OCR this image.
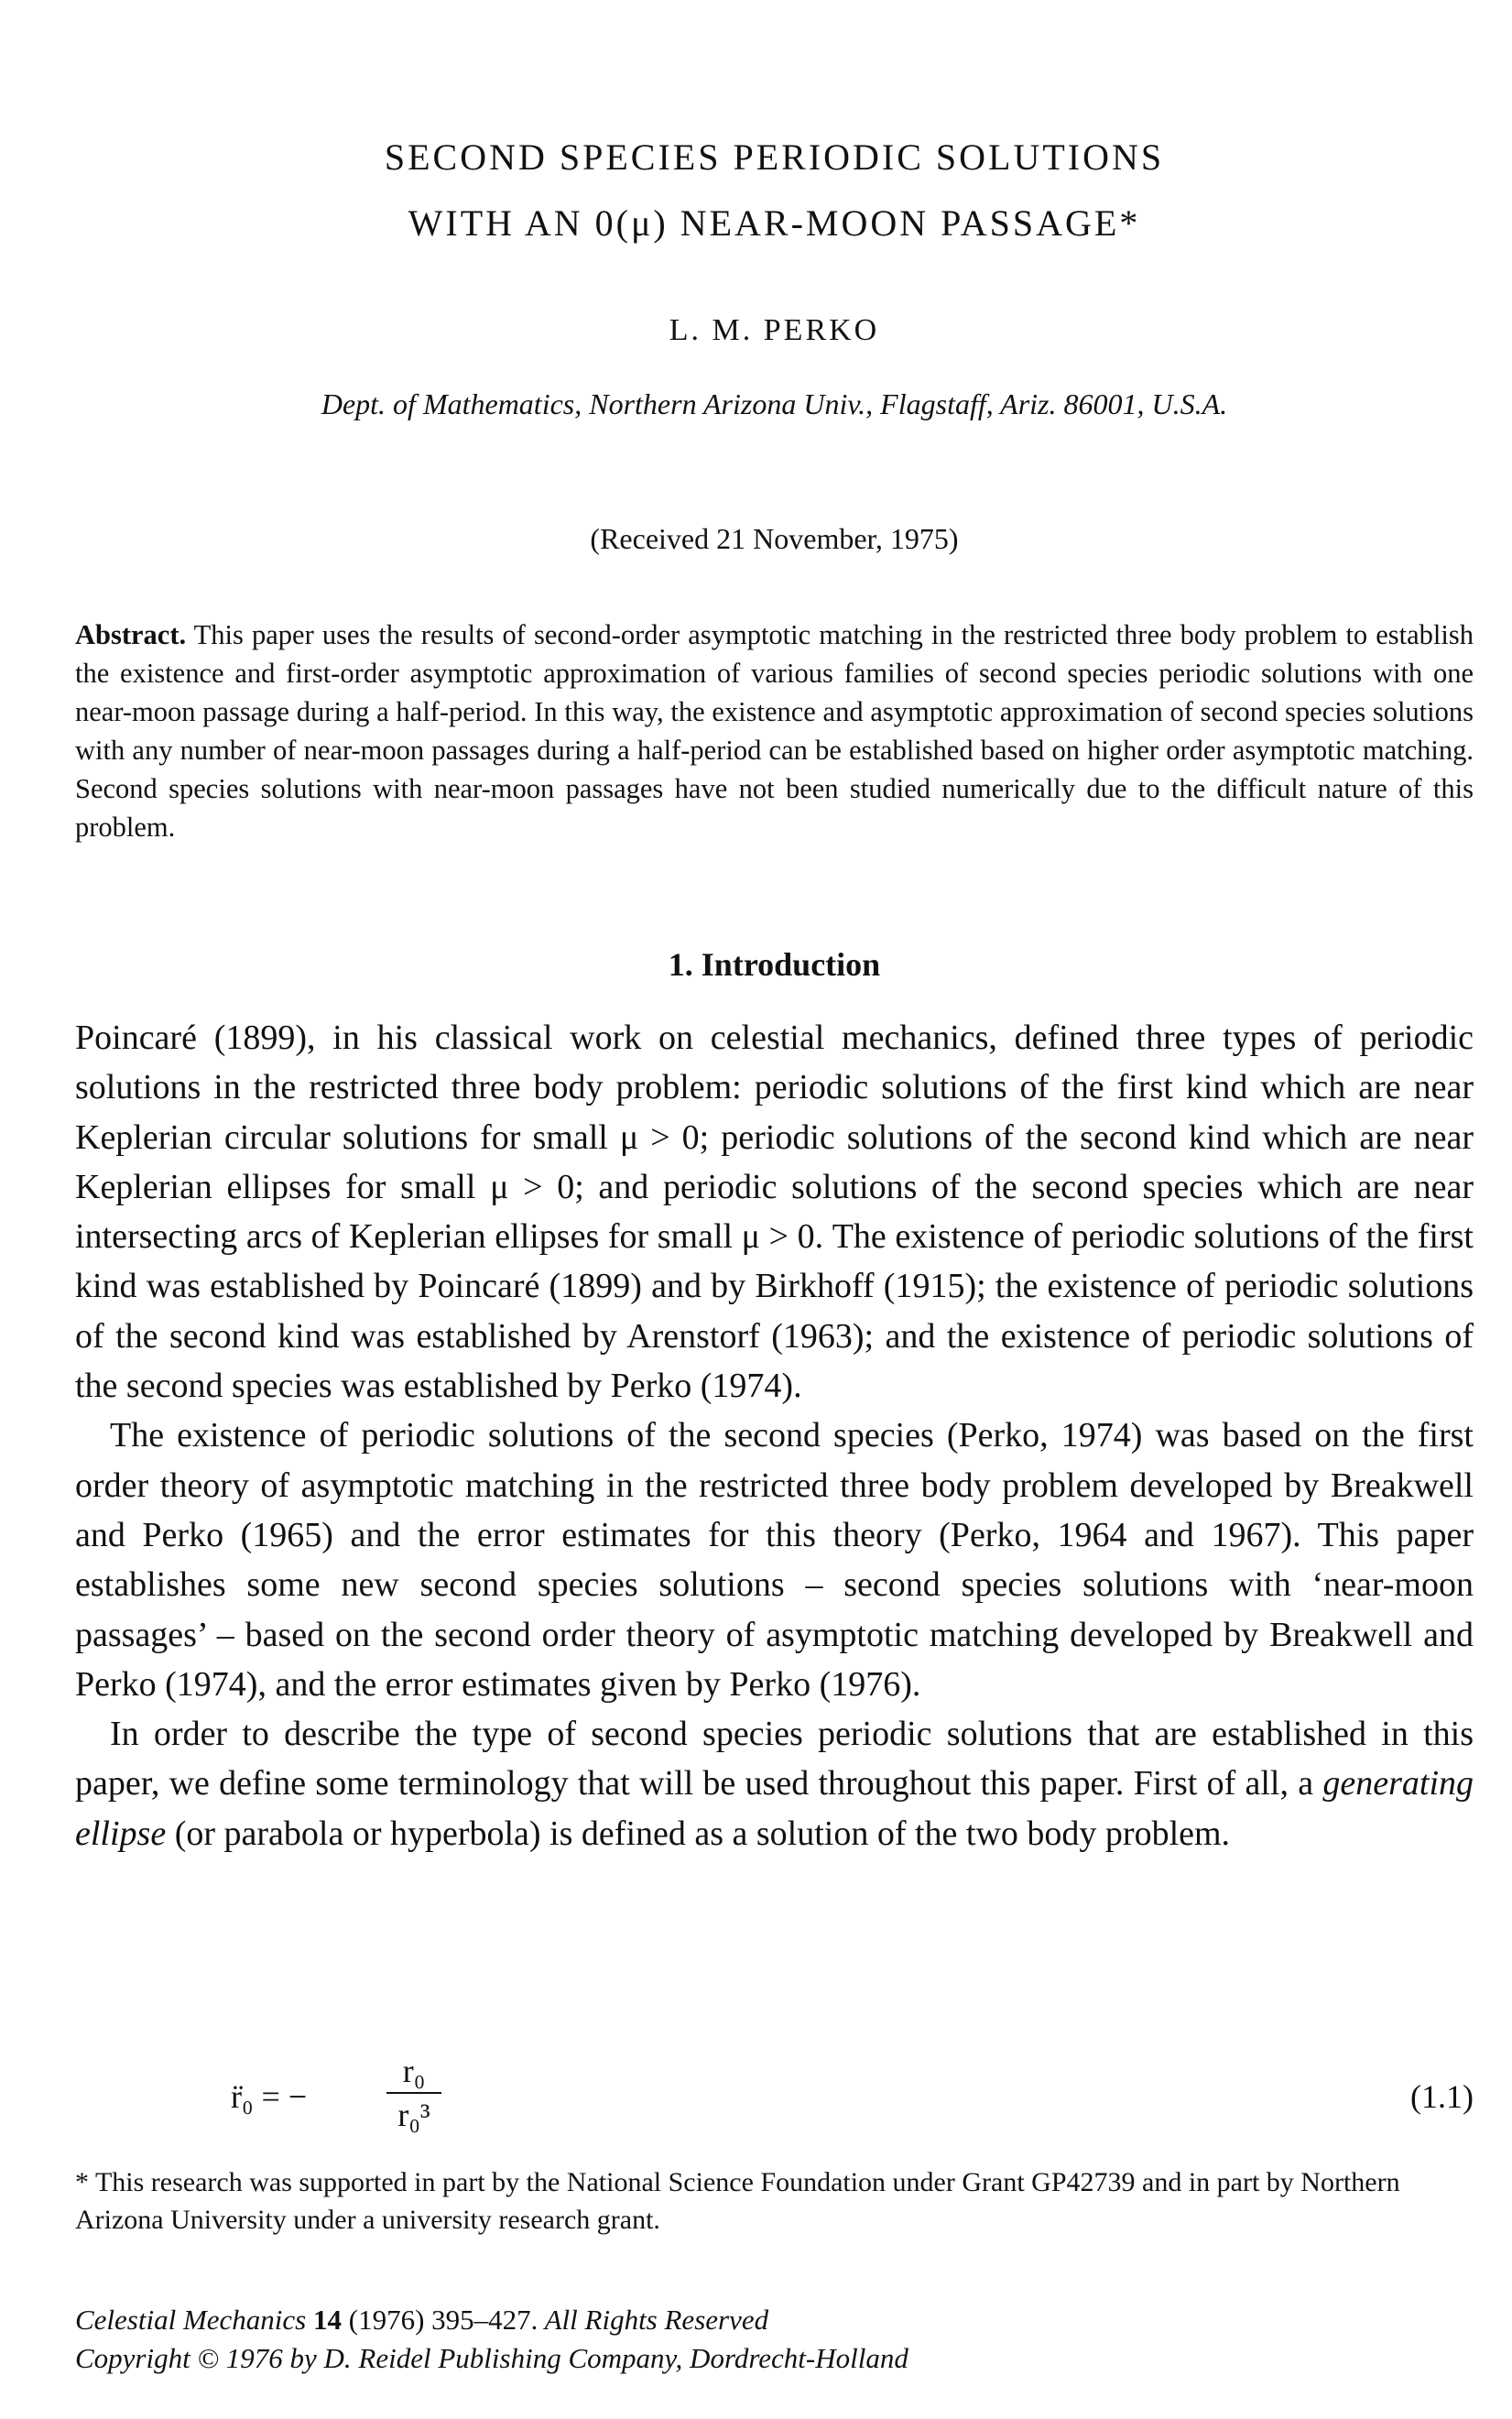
SECOND SPECIES PERIODIC SOLUTIONS
WITH AN 0(μ) NEAR-MOON PASSAGE*
L. M. PERKO
Dept. of Mathematics, Northern Arizona Univ., Flagstaff, Ariz. 86001, U.S.A.
(Received 21 November, 1975)

Abstract. This paper uses the results of second-order asymptotic matching in the restricted three body problem to establish the existence and first-order asymptotic approximation of various families of second species periodic solutions with one near-moon passage during a half-period. In this way, the existence and asymptotic approximation of second species solutions with any number of near-moon passages during a half-period can be established based on higher order asymptotic matching. Second species solutions with near-moon passages have not been studied numerically due to the difficult nature of this problem.

1. Introduction

Poincaré (1899), in his classical work on celestial mechanics, defined three types of periodic solutions in the restricted three body problem: periodic solutions of the first kind which are near Keplerian circular solutions for small μ > 0; periodic solutions of the second kind which are near Keplerian ellipses for small μ > 0; and periodic solutions of the second species which are near intersecting arcs of Keplerian ellipses for small μ > 0. The existence of periodic solutions of the first kind was established by Poincaré (1899) and by Birkhoff (1915); the existence of periodic solutions of the second kind was established by Arenstorf (1963); and the existence of periodic solutions of the second species was established by Perko (1974).

The existence of periodic solutions of the second species (Perko, 1974) was based on the first order theory of asymptotic matching in the restricted three body problem developed by Breakwell and Perko (1965) and the error estimates for this theory (Perko, 1964 and 1967). This paper establishes some new second species solutions – second species solutions with ‘near-moon passages’ – based on the second order theory of asymptotic matching developed by Breakwell and Perko (1974), and the error estimates given by Perko (1976).

In order to describe the type of second species periodic solutions that are established in this paper, we define some terminology that will be used throughout this paper. First of all, a generating ellipse (or parabola or hyperbola) is defined as a solution of the two body problem.

r̈₀ = − $\frac{\text{r₀}}{\text{r₀³}}$	(1.1)
* This research was supported in part by the National Science Foundation under Grant GP42739 and in part by Northern Arizona University under a university research grant.
Celestial Mechanics 14 (1976) 395–427. All Rights Reserved
Copyright © 1976 by D. Reidel Publishing Company, Dordrecht-Holland
